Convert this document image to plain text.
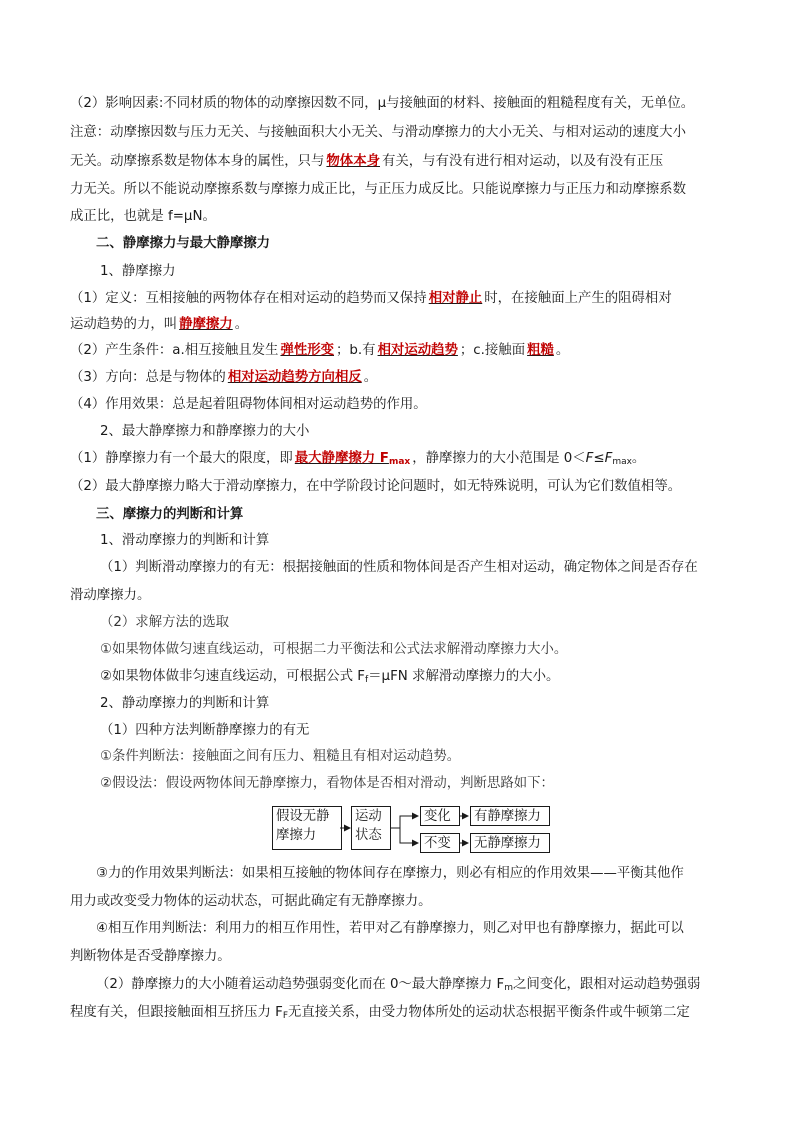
（2）影响因素:不同材质的物体的动摩擦因数不同，μ与接触面的材料、接触面的粗糙程度有关，无单位。
注意：动摩擦因数与压力无关、与接触面积大小无关、与滑动摩擦力的大小无关、与相对运动的速度大小
无关。动摩擦系数是物体本身的属性，只与 物体本身 有关，与有没有进行相对运动，以及有没有正压
力无关。所以不能说动摩擦系数与摩擦力成正比，与正压力成反比。只能说摩擦力与正压力和动摩擦系数
成正比，也就是 f=μN。
二、静摩擦力与最大静摩擦力
1、静摩擦力
（1）定义：互相接触的两物体存在相对运动的趋势而又保持 相对静止 时，在接触面上产生的阻碍相对
运动趋势的力，叫 静摩擦力 。
（2）产生条件：a.相互接触且发生 弹性形变 ；b.有 相对运动趋势 ；c.接触面 粗糙 。
（3）方向：总是与物体的 相对运动趋势方向相反 。
（4）作用效果：总是起着阻碍物体间相对运动趋势的作用。
2、最大静摩擦力和静摩擦力的大小
（1）静摩擦力有一个最大的限度，即 最大静摩擦力 $F_{max}$ ，静摩擦力的大小范围是 $0<F\le F_{max}$。
（2）最大静摩擦力略大于滑动摩擦力，在中学阶段讨论问题时，如无特殊说明，可认为它们数值相等。
三、摩擦力的判断和计算
1、滑动摩擦力的判断和计算
（1）判断滑动摩擦力的有无：根据接触面的性质和物体间是否产生相对运动，确定物体之间是否存在
滑动摩擦力。
（2）求解方法的选取
①如果物体做匀速直线运动，可根据二力平衡法和公式法求解滑动摩擦力大小。
②如果物体做非匀速直线运动，可根据公式 $F_f=\mu FN$ 求解滑动摩擦力的大小。
2、静动摩擦力的判断和计算
（1）四种方法判断静摩擦力的有无
①条件判断法：接触面之间有压力、粗糙且有相对运动趋势。
②假设法：假设两物体间无静摩擦力，看物体是否相对滑动，判断思路如下：
假设无静
摩擦力
运动
状态
变化	有静摩擦力
不变	无静摩擦力
③力的作用效果判断法：如果相互接触的物体间存在摩擦力，则必有相应的作用效果——平衡其他作
用力或改变受力物体的运动状态，可据此确定有无静摩擦力。
④相互作用判断法：利用力的相互作用性，若甲对乙有静摩擦力，则乙对甲也有静摩擦力，据此可以
判断物体是否受静摩擦力。
（2）静摩擦力的大小随着运动趋势强弱变化而在 0～最大静摩擦力 $F_m$之间变化，跟相对运动趋势强弱
程度有关，但跟接触面相互挤压力 $F_F$无直接关系，由受力物体所处的运动状态根据平衡条件或牛顿第二定
